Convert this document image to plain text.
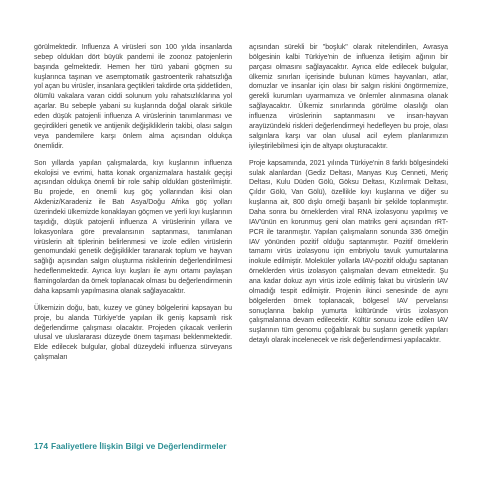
görülmektedir. Influenza A virüsleri son 100 yılda insanlarda sebep oldukları dört büyük pandemi ile zoonoz patojenlerin başında gelmektedir. Hemen her türü yabani göçmen su kuşlarınca taşınan ve asemptomatik gastroenterik rahatsızlığa yol açan bu virüsler, insanlara geçtikleri takdirde orta şiddetliden, ölümlü vakalara varan ciddi solunum yolu rahatsızlıklarına yol açarlar. Bu sebeple yabani su kuşlarında doğal olarak sirküle eden düşük patojenli influenza A virüslerinin tanımlanması ve geçirdikleri genetik ve antijenik değişikliklerin takibi, olası salgın veya pandemilere karşı önlem alma açısından oldukça önemlidir.

Son yıllarda yapılan çalışmalarda, kıyı kuşlarının influenza ekolojisi ve evrimi, hatta konak organizmalara hastalık geçişi açısından oldukça önemli bir role sahip oldukları gösterilmiştir. Bu projede, en önemli kuş göç yollarından ikisi olan Akdeniz/Karadeniz ile Batı Asya/Doğu Afrika göç yolları üzerindeki ülkemizde konaklayan göçmen ve yerli kıyı kuşlarının taşıdığı, düşük patojenli influenza A virüslerinin yıllara ve lokasyonlara göre prevalansının saptanması, tanımlanan virüslerin alt tiplerinin belirlenmesi ve izole edilen virüslerin genomundaki genetik değişiklikler taranarak toplum ve hayvan sağlığı açısından salgın oluşturma riskilerinin değerlendirilmesi hedeflenmektedir. Ayrıca kıyı kuşları ile aynı ortamı paylaşan flamingolardan da örnek toplanacak olması bu değerlendirmenin daha kapsamlı yapılmasına olanak sağlayacaktır.

Ülkemizin doğu, batı, kuzey ve güney bölgelerini kapsayan bu proje, bu alanda Türkiye'de yapılan ilk geniş kapsamlı risk değerlendirme çalışması olacaktır. Projeden çıkacak verilerin ulusal ve uluslararası düzeyde önem taşıması beklenmektedir. Elde edilecek bulgular, global düzeydeki influenza sürveyans çalışmaları

açısından sürekli bir "boşluk" olarak nitelendirilen, Avrasya bölgesinin kalbi Türkiye'nin de influenza iletişim ağının bir parçası olmasını sağlayacaktır. Ayrıca elde edilecek bulgular, ülkemiz sınırları içerisinde bulunan kümes hayvanları, atlar, domuzlar ve insanlar için olası bir salgın riskini öngörmemize, gerekli kurumları uyarmamıza ve önlemler alınmasına olanak sağlayacaktır. Ülkemiz sınırlarında görülme olasılığı olan influenza virüslerinin saptanmasını ve insan-hayvan arayüzündeki riskleri değerlendirmeyi hedefleyen bu proje, olası salgınlara karşı var olan ulusal acil eylem planlarımızın iyileştirilebilmesi için de altyapı oluşturacaktır.

Proje kapsamında, 2021 yılında Türkiye'nin 8 farklı bölgesindeki sulak alanlardan (Gediz Deltası, Manyas Kuş Cenneti, Meriç Deltası, Kulu Düden Gölü, Göksu Deltası, Kızılırmak Deltası, Çıldır Gölü, Van Gölü), özellikle kıyı kuşlarına ve diğer su kuşlarına ait, 800 dışkı örneği başarılı bir şekilde toplanmıştır. Daha sonra bu örneklerden viral RNA izolasyonu yapılmış ve IAV'ünün en korunmuş geni olan matriks geni açısından rRT-PCR ile taranmıştır. Yapılan çalışmaların sonunda 336 örneğin IAV yönünden pozitif olduğu saptanmıştır. Pozitif örneklerin tamamı virüs izolasyonu için embriyolu tavuk yumurtalarına inokule edilmiştir. Moleküler yollarla IAV-pozitif olduğu saptanan örneklerden virüs izolasyon çalışmaları devam etmektedir. Şu ana kadar dokuz ayrı virüs izole edilmiş fakat bu virüslerin IAV olmadığı tespit edilmiştir. Projenin ikinci senesinde de aynı bölgelerden örnek toplanacak, bölgesel IAV pervelansı sonuçlanna bakılıp yumurta kültüründe virüs izolasyon çalışmalarına devam edilecektir. Kültür sonucu izole edilen IAV suşlarının tüm genomu çoğaltılarak bu suşların genetik yapıları detaylı olarak incelenecek ve risk değerlendirmesi yapılacaktır.

174 Faaliyetlere İlişkin Bilgi ve Değerlendirmeler
